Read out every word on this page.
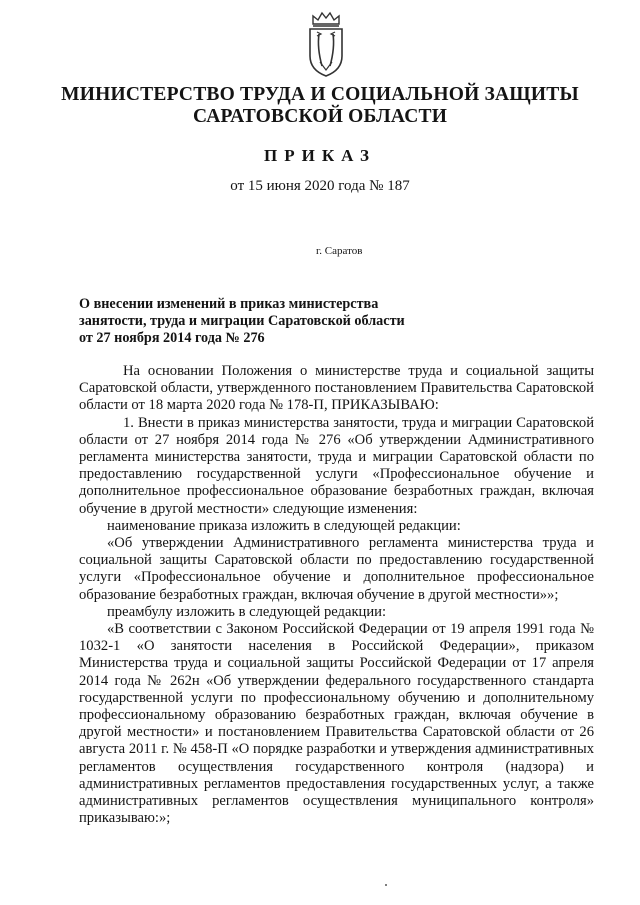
МИНИСТЕРСТВО ТРУДА И СОЦИАЛЬНОЙ ЗАЩИТЫ
САРАТОВСКОЙ ОБЛАСТИ
ПРИКАЗ
от 15 июня 2020 года № 187
г. Саратов
О внесении изменений в приказ министерства
занятости, труда и миграции Саратовской области
от 27 ноября 2014 года № 276

На основании Положения о министерстве труда и социальной защиты Саратовской области, утвержденного постановлением Правительства Саратовской области от 18 марта 2020 года № 178-П, ПРИКАЗЫВАЮ:

1. Внести в приказ министерства занятости, труда и миграции Саратовской области от 27 ноября 2014 года № 276 «Об утверждении Административного регламента министерства занятости, труда и миграции Саратовской области по предоставлению государственной услуги «Профессиональное обучение и дополнительное профессиональное образование безработных граждан, включая обучение в другой местности» следующие изменения:

наименование приказа изложить в следующей редакции:

«Об утверждении Административного регламента министерства труда и социальной защиты Саратовской области по предоставлению государственной услуги «Профессиональное обучение и дополнительное профессиональное образование безработных граждан, включая обучение в другой местности»»;

преамбулу изложить в следующей редакции:

«В соответствии с Законом Российской Федерации от 19 апреля 1991 года № 1032-1 «О занятости населения в Российской Федерации», приказом Министерства труда и социальной защиты Российской Федерации от 17 апреля 2014 года № 262н «Об утверждении федерального государственного стандарта государственной услуги по профессиональному обучению и дополнительному профессиональному образованию безработных граждан, включая обучение в другой местности» и постановлением Правительства Саратовской области от 26 августа 2011 г. № 458-П «О порядке разработки и утверждения административных регламентов осуществления государственного контроля (надзора) и административных регламентов предоставления государственных услуг, а также административных регламентов осуществления муниципального контроля» приказываю:»;
